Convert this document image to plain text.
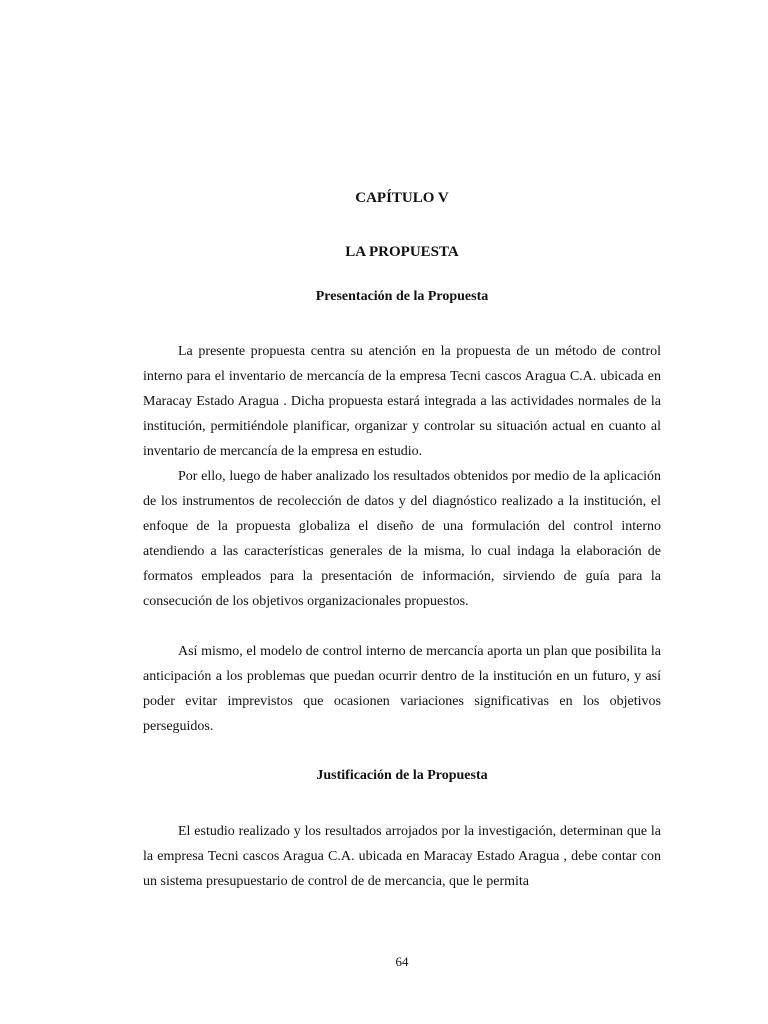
CAPÍTULO V
LA PROPUESTA
Presentación de la Propuesta

La presente propuesta centra su atención en la propuesta de un método de control interno para el inventario de mercancía de la empresa Tecni cascos Aragua C.A. ubicada en Maracay Estado Aragua . Dicha propuesta estará integrada a las actividades normales de la institución, permitiéndole planificar, organizar y controlar su situación actual en cuanto al inventario de mercancía de la empresa en estudio.

Por ello, luego de haber analizado los resultados obtenidos por medio de la aplicación de los instrumentos de recolección de datos y del diagnóstico realizado a la institución, el enfoque de la propuesta globaliza el diseño de una formulación del control interno atendiendo a las características generales de la misma, lo cual indaga la elaboración de formatos empleados para la presentación de información, sirviendo de guía para la consecución de los objetivos organizacionales propuestos.

Así mismo, el modelo de control interno de mercancía aporta un plan que posibilita la anticipación a los problemas que puedan ocurrir dentro de la institución en un futuro, y así poder evitar imprevistos que ocasionen variaciones significativas en los objetivos perseguidos.

Justificación de la Propuesta

El estudio realizado y los resultados arrojados por la investigación, determinan que la la empresa Tecni cascos Aragua C.A. ubicada en Maracay Estado Aragua , debe contar con un sistema presupuestario de control de de mercancia, que le permita

64
